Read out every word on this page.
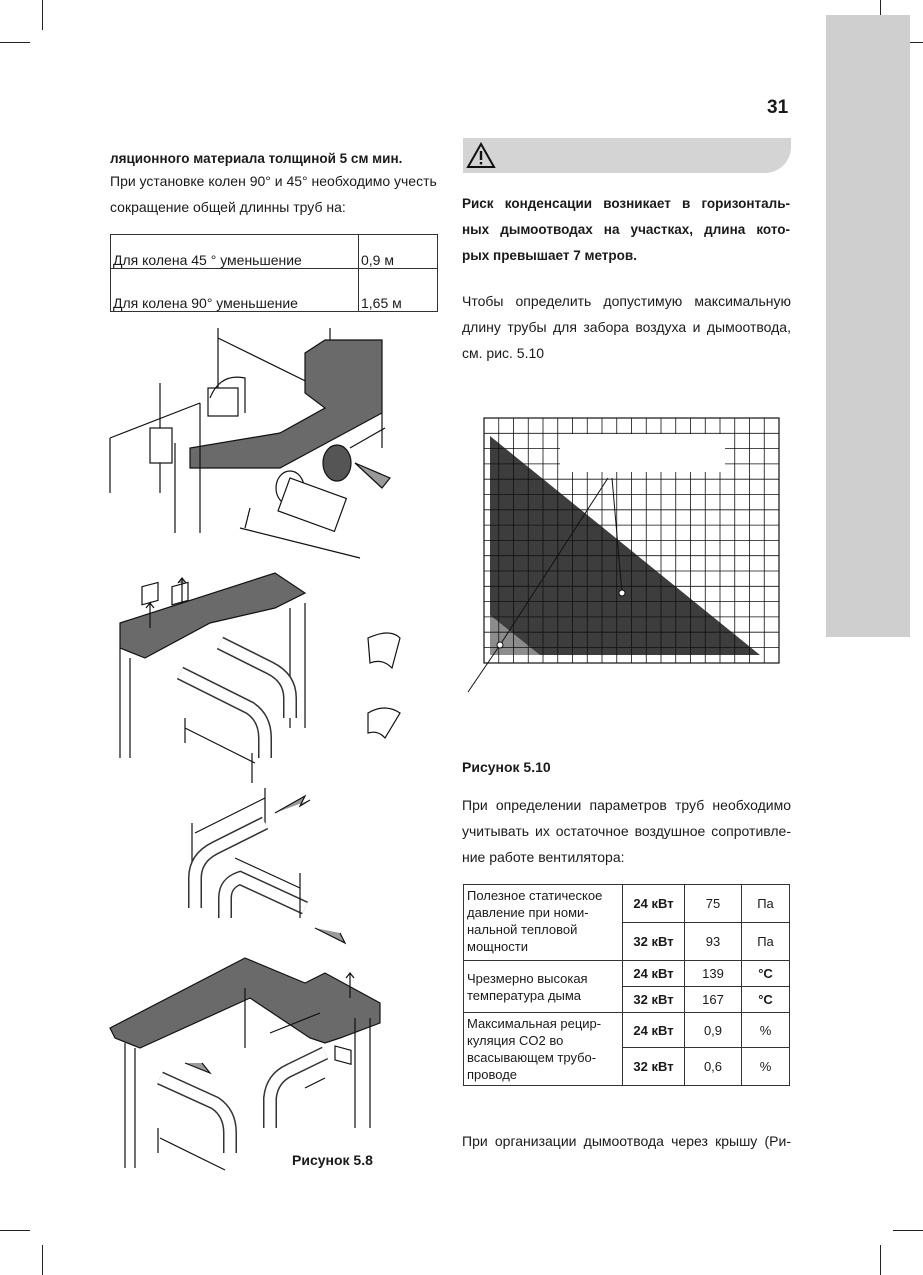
31
ляционного материала толщиной 5 см мин.
При установке колен 90° и 45° необходимо учесть
сокращение общей длинны труб на:
Для колена 45 ° уменьшение	0,9 м
Для колена 90° уменьшение	1,65 м
Рисунок 5.8
Риск конденсации возникает в горизонталь-
ных дымоотводах на участках, длина кото-
рых превышает 7 метров.
Чтобы определить допустимую максимальную
длину трубы для забора воздуха и дымоотвода,
см. рис. 5.10
Рисунок 5.10
При определении параметров труб необходимо
учитывать их остаточное воздушное сопротивле-
ние работе вентилятора:
Полезное статическое давление при номи-нальной тепловой мощности	24 кВт	75	Па
	32 кВт	93	Па
Чрезмерно высокая температура дыма	24 кВт	139	°C
	32 кВт	167	°C
Максимальная рецир-куляция CO2 во всасывающем трубо-проводе	24 кВт	0,9	%
	32 кВт	0,6	%
При организации дымоотвода через крышу (Ри-
